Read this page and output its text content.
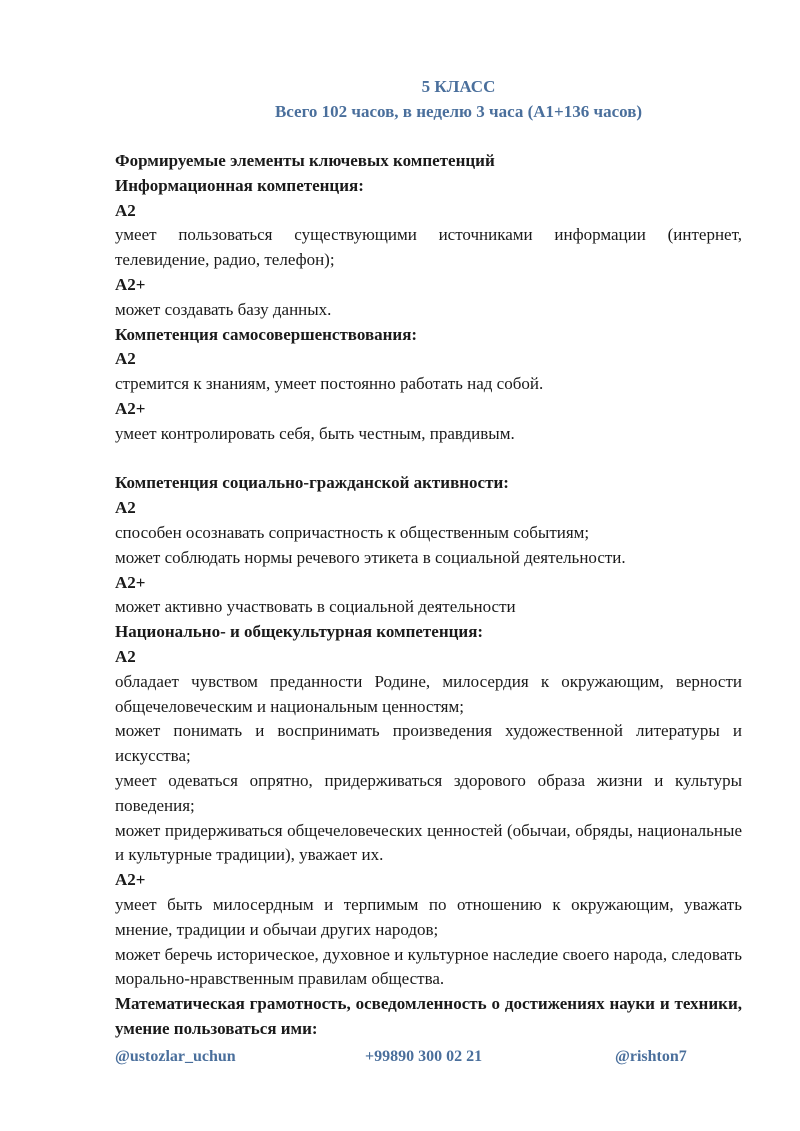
5 КЛАСС
Всего 102 часов, в неделю 3 часа (А1+136 часов)
Формируемые элементы ключевых компетенций
Информационная компетенция:
А2
умеет пользоваться существующими источниками информации (интернет, телевидение, радио, телефон);
А2+
может создавать базу данных.
Компетенция самосовершенствования:
А2
стремится к знаниям, умеет постоянно работать над собой.
А2+
умеет контролировать себя, быть честным, правдивым.
Компетенция социально-гражданской активности:
А2
способен осознавать сопричастность к общественным событиям;
может соблюдать нормы речевого этикета в социальной деятельности.
А2+
может активно участвовать в социальной деятельности
Национально- и общекультурная компетенция:
А2
обладает чувством преданности Родине, милосердия к окружающим, верности общечеловеческим и национальным ценностям;
может понимать и воспринимать произведения художественной литературы и искусства;
умеет одеваться опрятно, придерживаться здорового образа жизни и культуры поведения;
может придерживаться общечеловеческих ценностей (обычаи, обряды, национальные и культурные традиции), уважает их.
А2+
умеет быть милосердным и терпимым по отношению к окружающим, уважать мнение, традиции и обычаи других народов;
может беречь историческое, духовное и культурное наследие своего народа, следовать морально-нравственным правилам общества.
Математическая грамотность, осведомленность о достижениях науки и техники, умение пользоваться ими:
@ustozlar_uchun	+99890 300 02 21	@rishton7
